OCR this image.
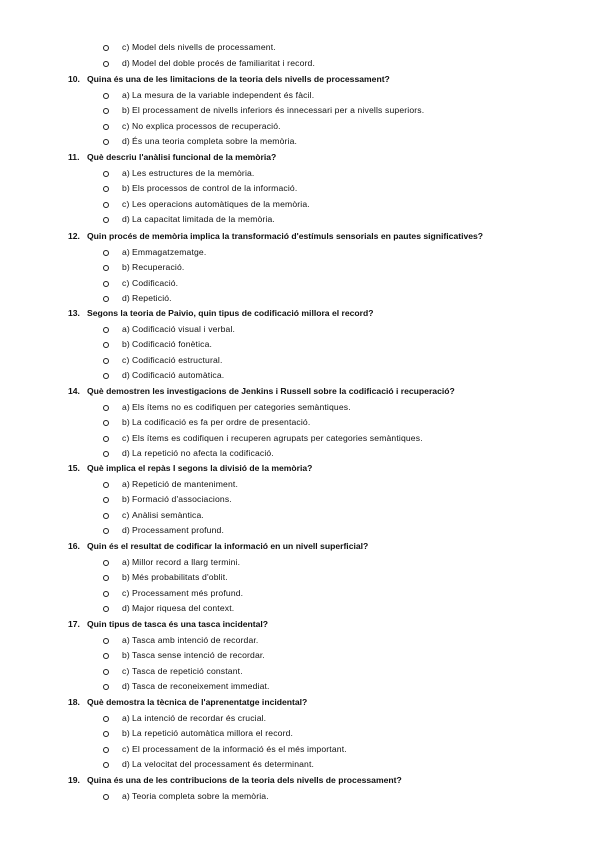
c) Model dels nivells de processament.
d) Model del doble procés de familiaritat i record.
10. Quina és una de les limitacions de la teoria dels nivells de processament?
a) La mesura de la variable independent és fàcil.
b) El processament de nivells inferiors és innecessari per a nivells superiors.
c) No explica processos de recuperació.
d) És una teoria completa sobre la memòria.
11. Què descriu l'anàlisi funcional de la memòria?
a) Les estructures de la memòria.
b) Els processos de control de la informació.
c) Les operacions automàtiques de la memòria.
d) La capacitat limitada de la memòria.
12. Quin procés de memòria implica la transformació d'estímuls sensorials en pautes significatives?
a) Emmagatzematge.
b) Recuperació.
c) Codificació.
d) Repetició.
13. Segons la teoria de Paivio, quin tipus de codificació millora el record?
a) Codificació visual i verbal.
b) Codificació fonètica.
c) Codificació estructural.
d) Codificació automàtica.
14. Què demostren les investigacions de Jenkins i Russell sobre la codificació i recuperació?
a) Els ítems no es codifiquen per categories semàntiques.
b) La codificació es fa per ordre de presentació.
c) Els ítems es codifiquen i recuperen agrupats per categories semàntiques.
d) La repetició no afecta la codificació.
15. Què implica el repàs I segons la divisió de la memòria?
a) Repetició de manteniment.
b) Formació d'associacions.
c) Anàlisi semàntica.
d) Processament profund.
16. Quin és el resultat de codificar la informació en un nivell superficial?
a) Millor record a llarg termini.
b) Més probabilitats d'oblit.
c) Processament més profund.
d) Major riquesa del context.
17. Quin tipus de tasca és una tasca incidental?
a) Tasca amb intenció de recordar.
b) Tasca sense intenció de recordar.
c) Tasca de repetició constant.
d) Tasca de reconeixement immediat.
18. Què demostra la tècnica de l'aprenentatge incidental?
a) La intenció de recordar és crucial.
b) La repetició automàtica millora el record.
c) El processament de la informació és el més important.
d) La velocitat del processament és determinant.
19. Quina és una de les contribucions de la teoria dels nivells de processament?
a) Teoria completa sobre la memòria.
